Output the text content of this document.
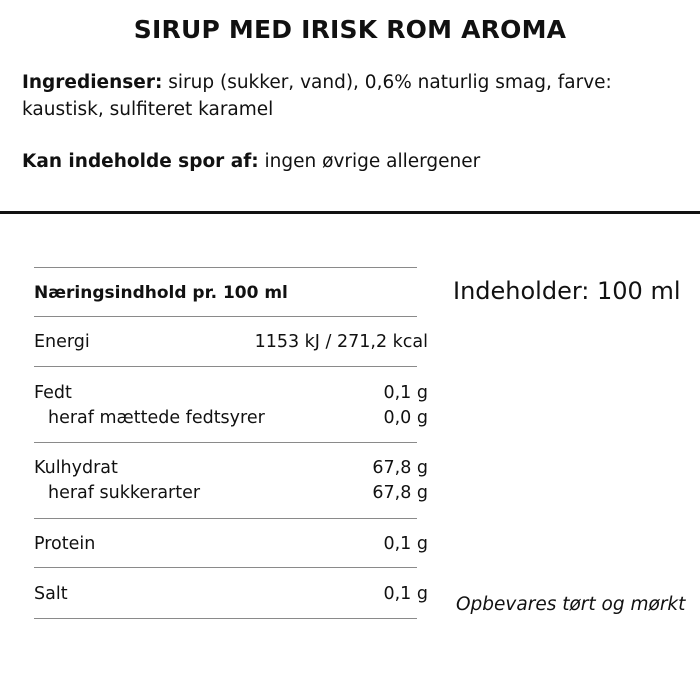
SIRUP MED IRISK ROM AROMA
Ingredienser: sirup (sukker, vand), 0,6% naturlig smag, farve: kaustisk, sulfiteret karamel
Kan indeholde spor af: ingen øvrige allergener
Næringsindhold pr. 100 ml
Energi	1153 kJ / 271,2 kcal
Fedt	0,1 g
heraf mættede fedtsyrer	0,0 g
Kulhydrat	67,8 g
heraf sukkerarter	67,8 g
Protein	0,1 g
Salt	0,1 g
Indeholder: 100 ml
Opbevares tørt og mørkt
